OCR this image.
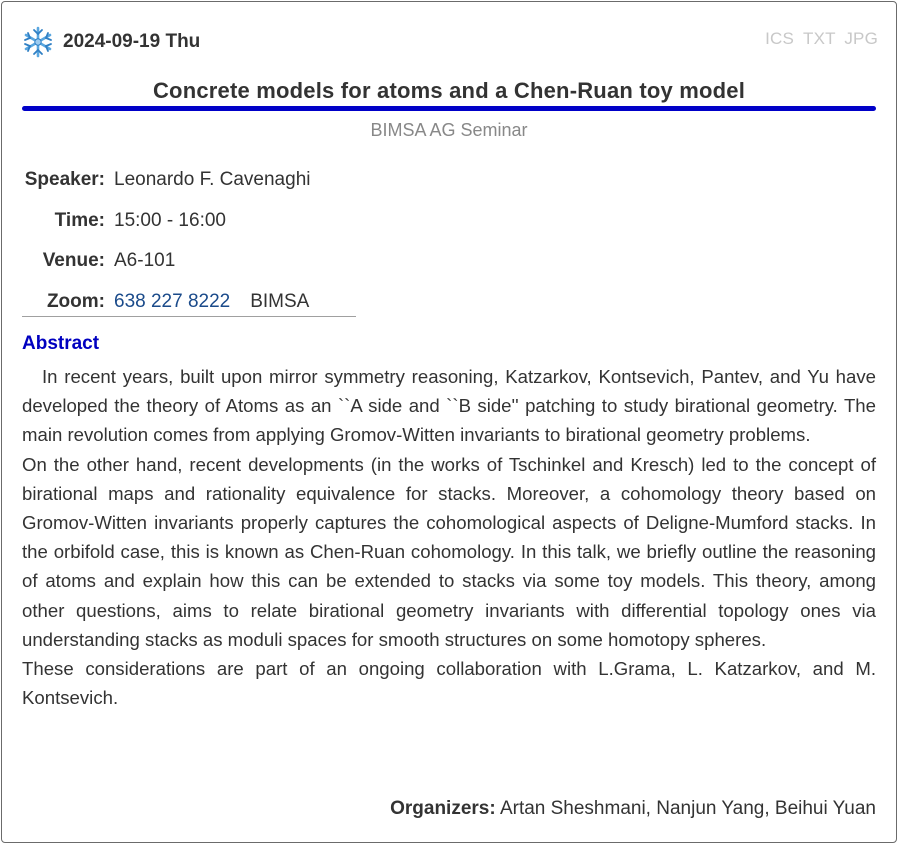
2024-09-19 Thu	ICS TXT JPG
Concrete models for atoms and a Chen-Ruan toy model
BIMSA AG Seminar
Speaker: Leonardo F. Cavenaghi
Time: 15:00 - 16:00
Venue: A6-101
Zoom: 638 227 8222 BIMSA
Abstract

In recent years, built upon mirror symmetry reasoning, Katzarkov, Kontsevich, Pantev, and Yu have developed the theory of Atoms as an ``A side and ``B side'' patching to study birational geometry. The main revolution comes from applying Gromov-Witten invariants to birational geometry problems.

On the other hand, recent developments (in the works of Tschinkel and Kresch) led to the concept of birational maps and rationality equivalence for stacks. Moreover, a cohomology theory based on Gromov-Witten invariants properly captures the cohomological aspects of Deligne-Mumford stacks. In the orbifold case, this is known as Chen-Ruan cohomology. In this talk, we briefly outline the reasoning of atoms and explain how this can be extended to stacks via some toy models. This theory, among other questions, aims to relate birational geometry invariants with differential topology ones via understanding stacks as moduli spaces for smooth structures on some homotopy spheres.

These considerations are part of an ongoing collaboration with L.Grama, L. Katzarkov, and M. Kontsevich.

Organizers: Artan Sheshmani, Nanjun Yang, Beihui Yuan
